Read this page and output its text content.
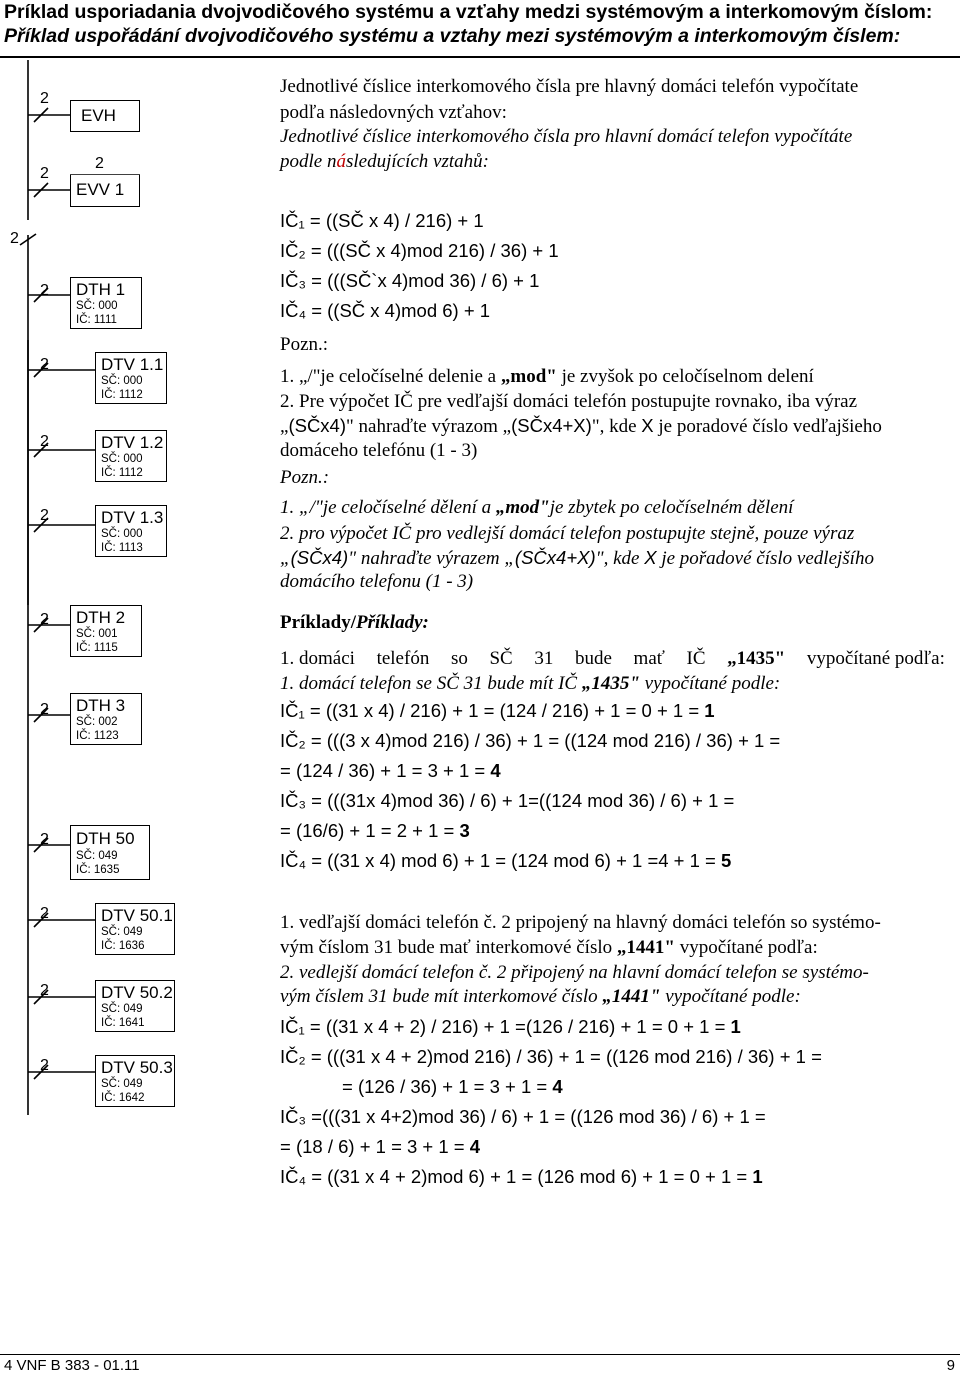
Príklad usporiadania dvojvodičového systému a vzťahy medzi systémovým a interkomovým číslom:

Příklad uspořádání dvojvodičového systému a vztahy mezi systémovým a interkomovým číslem:

2
2
2
2
2
2
2
2
2
2
2
2
2
2
EVH
EVV 1
DTH 1
SČ: 000
IČ: 1111
DTV 1.1
SČ: 000
IČ: 1112
DTV 1.2
SČ: 000
IČ: 1112
DTV 1.3
SČ: 000
IČ: 1113
DTH 2
SČ: 001
IČ: 1115
DTH 3
SČ: 002
IČ: 1123
DTH 50
SČ: 049
IČ: 1635
DTV 50.1
SČ: 049
IČ: 1636
DTV 50.2
SČ: 049
IČ: 1641
DTV 50.3
SČ: 049
IČ: 1642
Jednotlivé číslice interkomového čísla pre hlavný domáci telefón vypočítate
podľa následovných vzťahov:
Jednotlivé číslice interkomového čísla pro hlavní domácí telefon vypočítáte
podle následujících vztahů:
IČ₁ = ((SČ x 4) / 216) + 1
IČ₂ = (((SČ x 4)mod 216) / 36) + 1
IČ₃ = (((SČ`x 4)mod 36) / 6) + 1
IČ₄ = ((SČ x 4)mod 6) + 1
Pozn.:
1. „/"je celočíselné delenie a „mod" je zvyšok po celočíselnom delení
2. Pre výpočet IČ pre vedľajší domáci telefón postupujte rovnako, iba výraz
„(SČx4)" nahraďte výrazom „(SČx4+X)", kde X je poradové číslo vedľajšieho
domáceho telefónu (1 - 3)
Pozn.:
1. „/"je celočíselné dělení a „mod"je zbytek po celočíselném dělení
2. pro výpočet IČ pro vedlejší domácí telefon postupujte stejně, pouze výraz
„(SČx4)" nahraďte výrazem „(SČx4+X)", kde X je pořadové číslo vedlejšího
domácího telefonu (1 - 3)
Príklady/Příklady:
1. domáci telefón so SČ 31 bude mať IČ „1435" vypočítané podľa:
1. domácí telefon se SČ 31 bude mít IČ „1435" vypočítané podle:
IČ₁ = ((31 x 4) / 216) + 1 = (124 / 216) + 1 = 0 + 1 = 1
IČ₂ = (((3 x 4)mod 216) / 36) + 1 = ((124 mod 216) / 36) + 1 =
= (124 / 36) + 1 = 3 + 1 = 4
IČ₃ = (((31x 4)mod 36) / 6) + 1=((124 mod 36) / 6) + 1 =
= (16/6) + 1 = 2 + 1 = 3
IČ₄ = ((31 x 4) mod 6) + 1 = (124 mod 6) + 1 =4 + 1 = 5
1. vedľajší domáci telefón č. 2 pripojený na hlavný domáci telefón so systémo-
vým číslom 31 bude mať interkomové číslo „1441" vypočítané podľa:
2. vedlejší domácí telefon č. 2 připojený na hlavní domácí telefon se systémo-
vým číslem 31 bude mít interkomové číslo „1441" vypočítané podle:
IČ₁ = ((31 x 4 + 2) / 216) + 1 =(126 / 216) + 1 = 0 + 1 = 1
IČ₂ = (((31 x 4 + 2)mod 216) / 36) + 1 = ((126 mod 216) / 36) + 1 =
= (126 / 36) + 1 = 3 + 1 = 4
IČ₃ =(((31 x 4+2)mod 36) / 6) + 1 = ((126 mod 36) / 6) + 1 =
= (18 / 6) + 1 = 3 + 1 = 4
IČ₄ = ((31 x 4 + 2)mod 6) + 1 = (126 mod 6) + 1 = 0 + 1 = 1
4 VNF B 383 - 01.11	9
